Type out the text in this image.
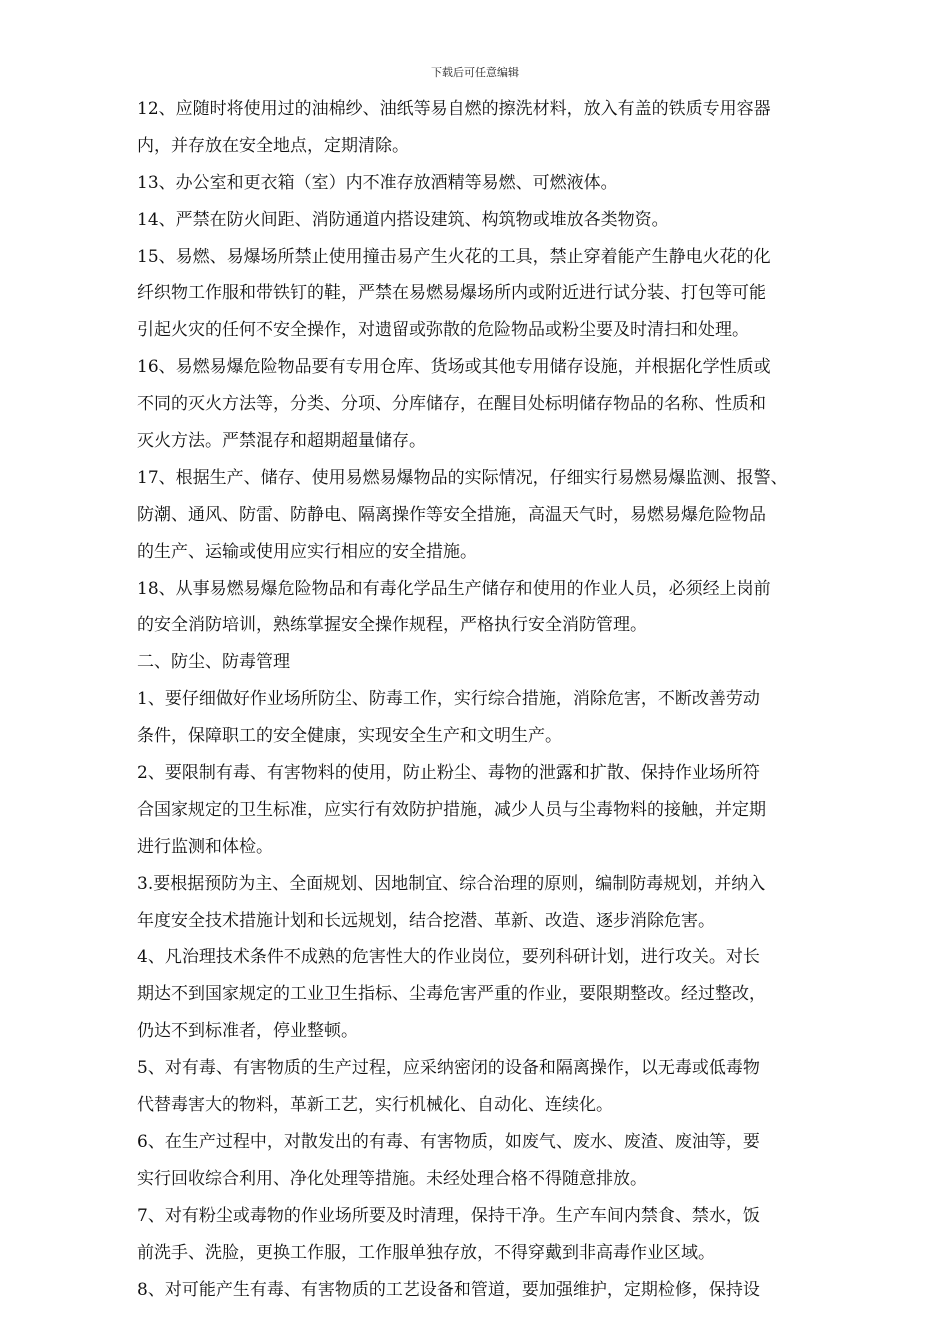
下载后可任意编辑
12、应随时将使用过的油棉纱、油纸等易自燃的擦洗材料，放入有盖的铁质专用容器
内，并存放在安全地点，定期清除。
13、办公室和更衣箱（室）内不准存放酒精等易燃、可燃液体。
14、严禁在防火间距、消防通道内搭设建筑、构筑物或堆放各类物资。
15、易燃、易爆场所禁止使用撞击易产生火花的工具，禁止穿着能产生静电火花的化
纤织物工作服和带铁钉的鞋，严禁在易燃易爆场所内或附近进行试分装、打包等可能
引起火灾的任何不安全操作，对遗留或弥散的危险物品或粉尘要及时清扫和处理。
16、易燃易爆危险物品要有专用仓库、货场或其他专用储存设施，并根据化学性质或
不同的灭火方法等，分类、分项、分库储存，在醒目处标明储存物品的名称、性质和
灭火方法。严禁混存和超期超量储存。
17、根据生产、储存、使用易燃易爆物品的实际情况，仔细实行易燃易爆监测、报警、
防潮、通风、防雷、防静电、隔离操作等安全措施，高温天气时，易燃易爆危险物品
的生产、运输或使用应实行相应的安全措施。
18、从事易燃易爆危险物品和有毒化学品生产储存和使用的作业人员，必须经上岗前
的安全消防培训，熟练掌握安全操作规程，严格执行安全消防管理。
二、防尘、防毒管理
1、要仔细做好作业场所防尘、防毒工作，实行综合措施，消除危害，不断改善劳动
条件，保障职工的安全健康，实现安全生产和文明生产。
2、要限制有毒、有害物料的使用，防止粉尘、毒物的泄露和扩散、保持作业场所符
合国家规定的卫生标准，应实行有效防护措施，减少人员与尘毒物料的接触，并定期
进行监测和体检。
3.要根据预防为主、全面规划、因地制宜、综合治理的原则，编制防毒规划，并纳入
年度安全技术措施计划和长远规划，结合挖潜、革新、改造、逐步消除危害。
4、凡治理技术条件不成熟的危害性大的作业岗位，要列科研计划，进行攻关。对长
期达不到国家规定的工业卫生指标、尘毒危害严重的作业，要限期整改。经过整改，
仍达不到标准者，停业整顿。
5、对有毒、有害物质的生产过程，应采纳密闭的设备和隔离操作，以无毒或低毒物
代替毒害大的物料，革新工艺，实行机械化、自动化、连续化。
6、在生产过程中，对散发出的有毒、有害物质，如废气、废水、废渣、废油等，要
实行回收综合利用、净化处理等措施。未经处理合格不得随意排放。
7、对有粉尘或毒物的作业场所要及时清理，保持干净。生产车间内禁食、禁水，饭
前洗手、洗脸，更换工作服，工作服单独存放，不得穿戴到非高毒作业区域。
8、对可能产生有毒、有害物质的工艺设备和管道，要加强维护，定期检修，保持设
